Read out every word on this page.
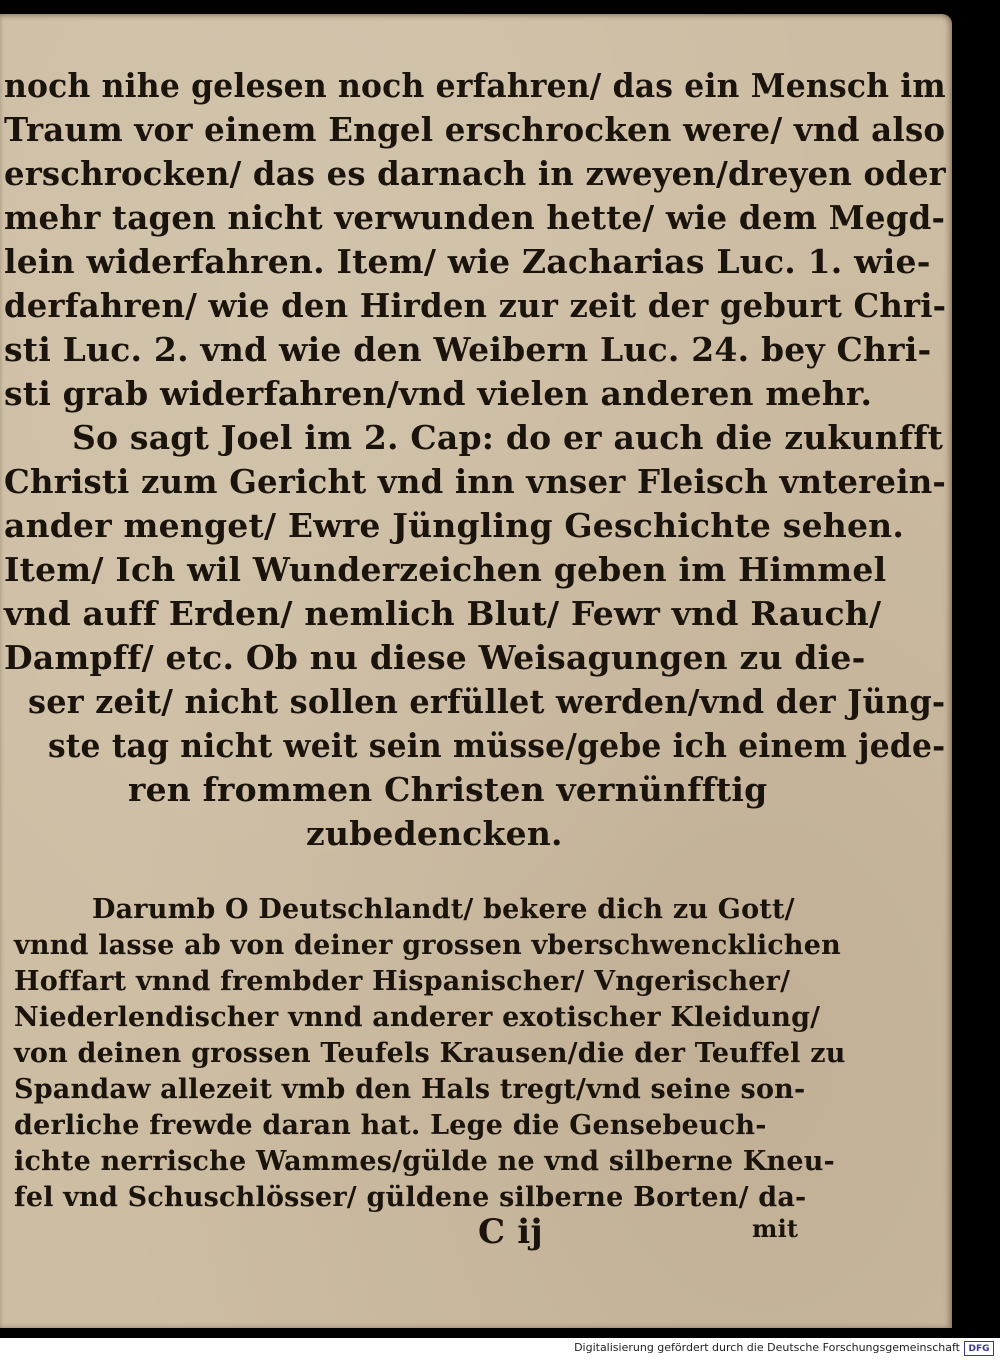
noch nihe gelesen noch erfahren/ das ein Mensch im

Traum vor einem Engel erschrocken were/ vnd also

erschrocken/ das es darnach in zweyen/dreyen oder

mehr tagen nicht verwunden hette/ wie dem Megd-

lein widerfahren. Item/ wie Zacharias Luc. 1. wie-

derfahren/ wie den Hirden zur zeit der geburt Chri-

sti Luc. 2. vnd wie den Weibern Luc. 24. bey Chri-

sti grab widerfahren/vnd vielen anderen mehr.

So sagt Joel im 2. Cap: do er auch die zukunfft

Christi zum Gericht vnd inn vnser Fleisch vnterein-

ander menget/ Ewre Jüngling Geschichte sehen.

Item/ Ich wil Wunderzeichen geben im Himmel

vnd auff Erden/ nemlich Blut/ Fewr vnd Rauch/

Dampff/ etc. Ob nu diese Weisagungen zu die-

ser zeit/ nicht sollen erfüllet werden/vnd der Jüng-

ste tag nicht weit sein müsse/gebe ich einem jede-

ren frommen Christen vernünfftig

zubedencken.

Darumb O Deutschlandt/ bekere dich zu Gott/

vnnd lasse ab von deiner grossen vberschwencklichen

Hoffart vnnd frembder Hispanischer/ Vngerischer/

Niederlendischer vnnd anderer exotischer Kleidung/

von deinen grossen Teufels Krausen/die der Teuffel zu

Spandaw allezeit vmb den Hals tregt/vnd seine son-

derliche frewde daran hat. Lege die Gensebeuch-

ichte nerrische Wammes/gülde ne vnd silberne Kneu-

fel vnd Schuschlösser/ güldene silberne Borten/ da-

C ij	mit

Digitalisierung gefördert durch die Deutsche Forschungsgemeinschaft DFG
